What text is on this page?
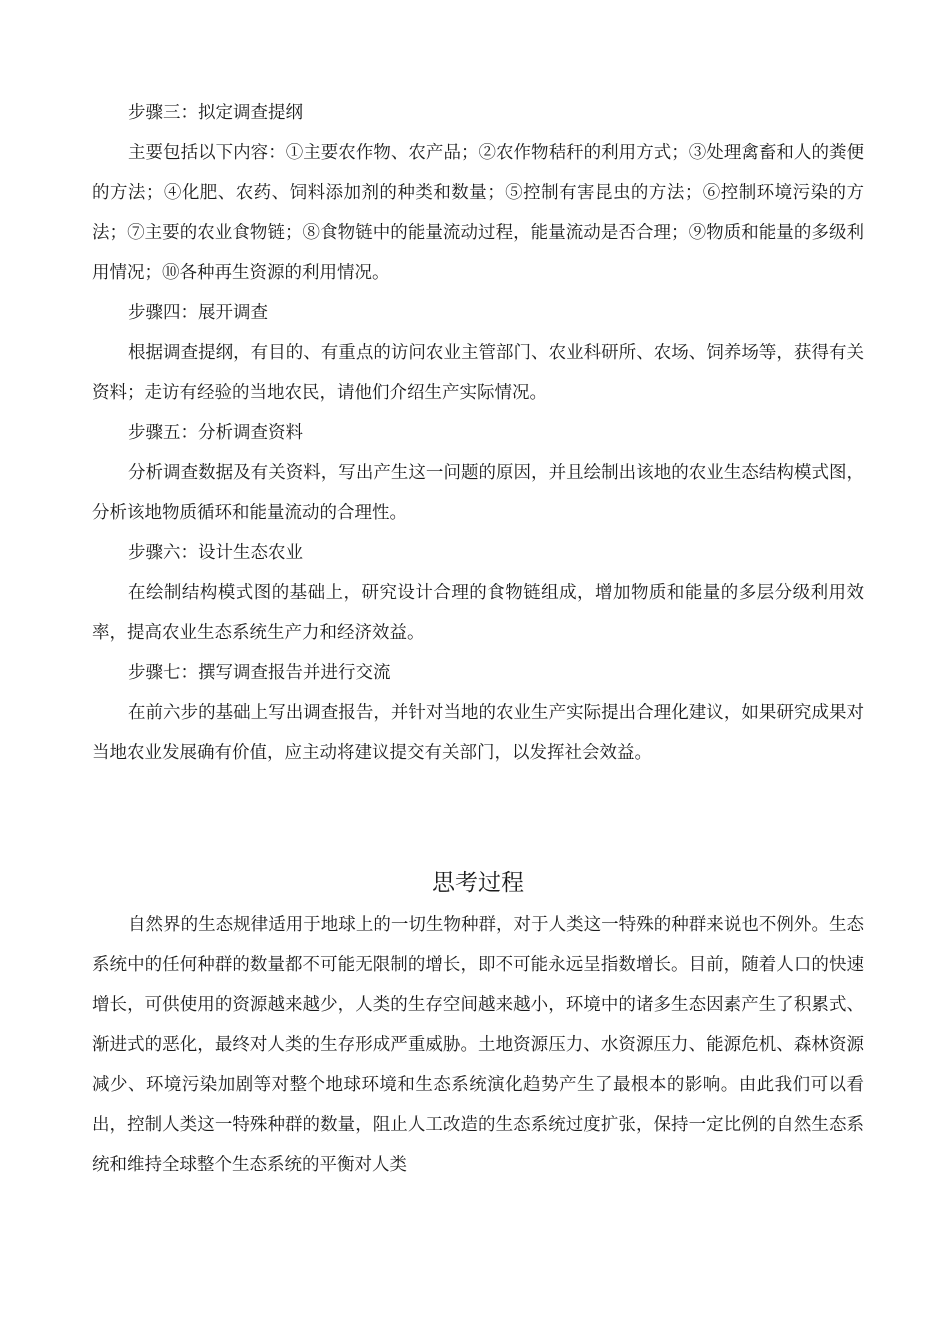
步骤三：拟定调查提纲

主要包括以下内容：①主要农作物、农产品；②农作物秸秆的利用方式；③处理禽畜和人的粪便的方法；④化肥、农药、饲料添加剂的种类和数量；⑤控制有害昆虫的方法；⑥控制环境污染的方法；⑦主要的农业食物链；⑧食物链中的能量流动过程，能量流动是否合理；⑨物质和能量的多级利用情况；⑩各种再生资源的利用情况。

步骤四：展开调查

根据调查提纲，有目的、有重点的访问农业主管部门、农业科研所、农场、饲养场等，获得有关资料；走访有经验的当地农民，请他们介绍生产实际情况。

步骤五：分析调查资料

分析调查数据及有关资料，写出产生这一问题的原因，并且绘制出该地的农业生态结构模式图，分析该地物质循环和能量流动的合理性。

步骤六：设计生态农业

在绘制结构模式图的基础上，研究设计合理的食物链组成，增加物质和能量的多层分级利用效率，提高农业生态系统生产力和经济效益。

步骤七：撰写调查报告并进行交流

在前六步的基础上写出调查报告，并针对当地的农业生产实际提出合理化建议，如果研究成果对当地农业发展确有价值，应主动将建议提交有关部门，以发挥社会效益。

思考过程

自然界的生态规律适用于地球上的一切生物种群，对于人类这一特殊的种群来说也不例外。生态系统中的任何种群的数量都不可能无限制的增长，即不可能永远呈指数增长。目前，随着人口的快速增长，可供使用的资源越来越少，人类的生存空间越来越小，环境中的诸多生态因素产生了积累式、渐进式的恶化，最终对人类的生存形成严重威胁。土地资源压力、水资源压力、能源危机、森林资源减少、环境污染加剧等对整个地球环境和生态系统演化趋势产生了最根本的影响。由此我们可以看出，控制人类这一特殊种群的数量，阻止人工改造的生态系统过度扩张，保持一定比例的自然生态系统和维持全球整个生态系统的平衡对人类
